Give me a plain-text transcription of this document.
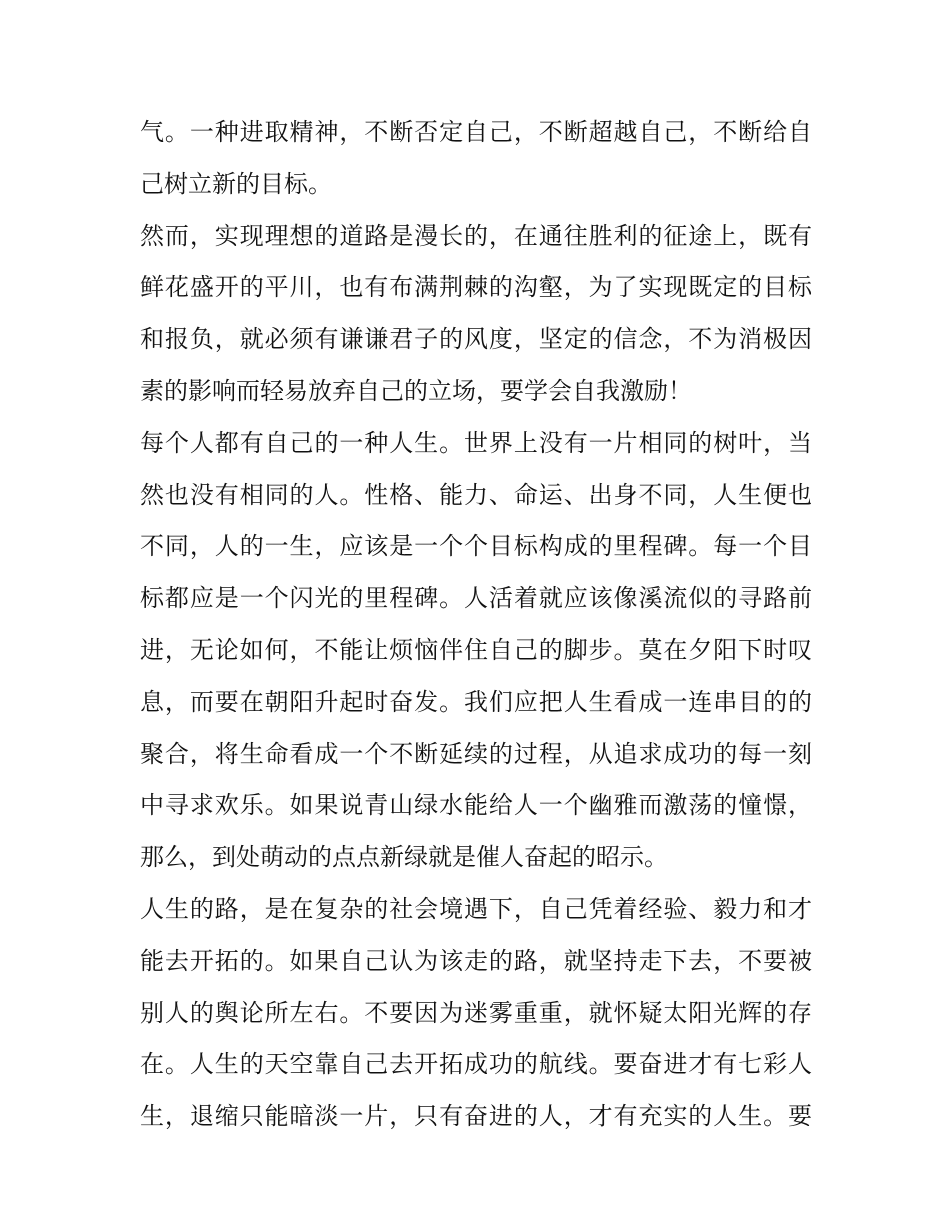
气。一种进取精神，不断否定自己，不断超越自己，不断给自
己树立新的目标。
然而，实现理想的道路是漫长的，在通往胜利的征途上，既有
鲜花盛开的平川，也有布满荆棘的沟壑，为了实现既定的目标
和报负，就必须有谦谦君子的风度，坚定的信念，不为消极因
素的影响而轻易放弃自己的立场，要学会自我激励！
每个人都有自己的一种人生。世界上没有一片相同的树叶，当
然也没有相同的人。性格、能力、命运、出身不同，人生便也
不同，人的一生，应该是一个个目标构成的里程碑。每一个目
标都应是一个闪光的里程碑。人活着就应该像溪流似的寻路前
进，无论如何，不能让烦恼伴住自己的脚步。莫在夕阳下时叹
息，而要在朝阳升起时奋发。我们应把人生看成一连串目的的
聚合，将生命看成一个不断延续的过程，从追求成功的每一刻
中寻求欢乐。如果说青山绿水能给人一个幽雅而激荡的憧憬，
那么，到处萌动的点点新绿就是催人奋起的昭示。
人生的路，是在复杂的社会境遇下，自己凭着经验、毅力和才
能去开拓的。如果自己认为该走的路，就坚持走下去，不要被
别人的舆论所左右。不要因为迷雾重重，就怀疑太阳光辉的存
在。人生的天空靠自己去开拓成功的航线。要奋进才有七彩人
生，退缩只能暗淡一片，只有奋进的人，才有充实的人生。要
